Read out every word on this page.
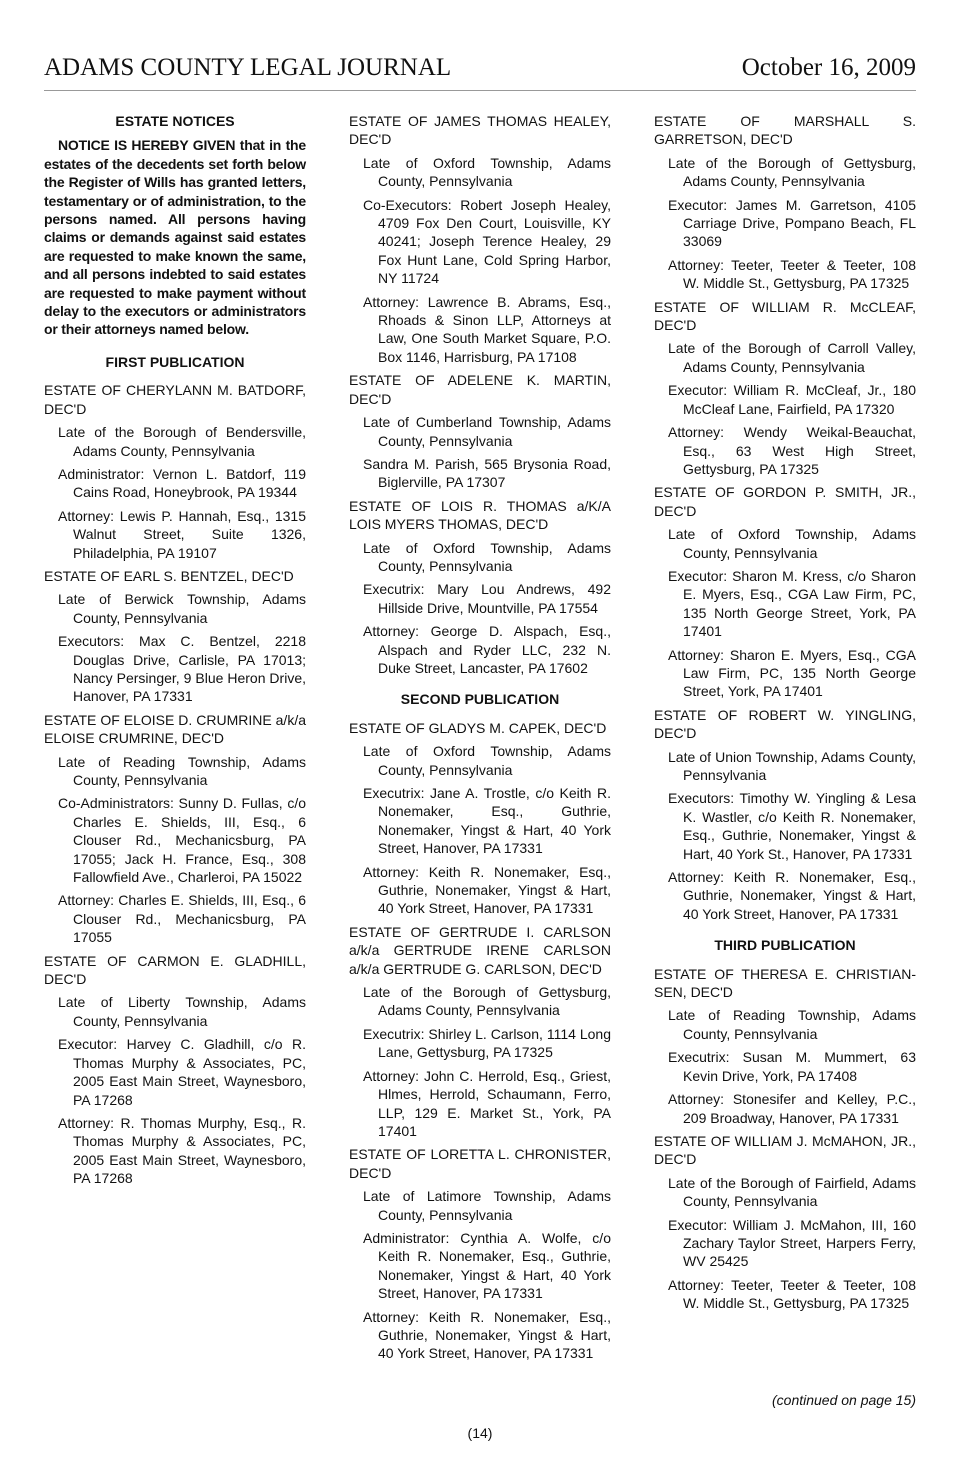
ADAMS COUNTY LEGAL JOURNAL	October 16, 2009
ESTATE NOTICES
NOTICE IS HEREBY GIVEN that in the estates of the decedents set forth below the Register of Wills has granted letters, testamentary or of administration, to the persons named. All persons having claims or demands against said estates are requested to make known the same, and all persons indebted to said estates are requested to make payment without delay to the executors or administrators or their attorneys named below.
FIRST PUBLICATION
ESTATE OF CHERYLANN M. BATDORF, DEC'D
Late of the Borough of Bendersville, Adams County, Pennsylvania
Administrator: Vernon L. Batdorf, 119 Cains Road, Honeybrook, PA 19344
Attorney: Lewis P. Hannah, Esq., 1315 Walnut Street, Suite 1326, Philadelphia, PA 19107
ESTATE OF EARL S. BENTZEL, DEC'D
Late of Berwick Township, Adams County, Pennsylvania
Executors: Max C. Bentzel, 2218 Douglas Drive, Carlisle, PA 17013; Nancy Persinger, 9 Blue Heron Drive, Hanover, PA 17331
ESTATE OF ELOISE D. CRUMRINE a/k/a ELOISE CRUMRINE, DEC'D
Late of Reading Township, Adams County, Pennsylvania
Co-Administrators: Sunny D. Fullas, c/o Charles E. Shields, III, Esq., 6 Clouser Rd., Mechanicsburg, PA 17055; Jack H. France, Esq., 308 Fallowfield Ave., Charleroi, PA 15022
Attorney: Charles E. Shields, III, Esq., 6 Clouser Rd., Mechanicsburg, PA 17055
ESTATE OF CARMON E. GLADHILL, DEC'D
Late of Liberty Township, Adams County, Pennsylvania
Executor: Harvey C. Gladhill, c/o R. Thomas Murphy & Associates, PC, 2005 East Main Street, Waynesboro, PA 17268
Attorney: R. Thomas Murphy, Esq., R. Thomas Murphy & Associates, PC, 2005 East Main Street, Waynesboro, PA 17268
ESTATE OF JAMES THOMAS HEALEY, DEC'D
Late of Oxford Township, Adams County, Pennsylvania
Co-Executors: Robert Joseph Healey, 4709 Fox Den Court, Louisville, KY 40241; Joseph Terence Healey, 29 Fox Hunt Lane, Cold Spring Harbor, NY 11724
Attorney: Lawrence B. Abrams, Esq., Rhoads & Sinon LLP, Attorneys at Law, One South Market Square, P.O. Box 1146, Harrisburg, PA 17108
ESTATE OF ADELENE K. MARTIN, DEC'D
Late of Cumberland Township, Adams County, Pennsylvania
Sandra M. Parish, 565 Brysonia Road, Biglerville, PA 17307
ESTATE OF LOIS R. THOMAS a/K/A LOIS MYERS THOMAS, DEC'D
Late of Oxford Township, Adams County, Pennsylvania
Executrix: Mary Lou Andrews, 492 Hillside Drive, Mountville, PA 17554
Attorney: George D. Alspach, Esq., Alspach and Ryder LLC, 232 N. Duke Street, Lancaster, PA 17602
SECOND PUBLICATION
ESTATE OF GLADYS M. CAPEK, DEC'D
Late of Oxford Township, Adams County, Pennsylvania
Executrix: Jane A. Trostle, c/o Keith R. Nonemaker, Esq., Guthrie, Nonemaker, Yingst & Hart, 40 York Street, Hanover, PA 17331
Attorney: Keith R. Nonemaker, Esq., Guthrie, Nonemaker, Yingst & Hart, 40 York Street, Hanover, PA 17331
ESTATE OF GERTRUDE I. CARLSON a/k/a GERTRUDE IRENE CARLSON a/k/a GERTRUDE G. CARLSON, DEC'D
Late of the Borough of Gettysburg, Adams County, Pennsylvania
Executrix: Shirley L. Carlson, 1114 Long Lane, Gettysburg, PA 17325
Attorney: John C. Herrold, Esq., Griest, Hlmes, Herrold, Schaumann, Ferro, LLP, 129 E. Market St., York, PA 17401
ESTATE OF LORETTA L. CHRONISTER, DEC'D
Late of Latimore Township, Adams County, Pennsylvania
Administrator: Cynthia A. Wolfe, c/o Keith R. Nonemaker, Esq., Guthrie, Nonemaker, Yingst & Hart, 40 York Street, Hanover, PA 17331
Attorney: Keith R. Nonemaker, Esq., Guthrie, Nonemaker, Yingst & Hart, 40 York Street, Hanover, PA 17331
ESTATE OF MARSHALL S. GARRETSON, DEC'D
Late of the Borough of Gettysburg, Adams County, Pennsylvania
Executor: James M. Garretson, 4105 Carriage Drive, Pompano Beach, FL 33069
Attorney: Teeter, Teeter & Teeter, 108 W. Middle St., Gettysburg, PA 17325
ESTATE OF WILLIAM R. McCLEAF, DEC'D
Late of the Borough of Carroll Valley, Adams County, Pennsylvania
Executor: William R. McCleaf, Jr., 180 McCleaf Lane, Fairfield, PA 17320
Attorney: Wendy Weikal-Beauchat, Esq., 63 West High Street, Gettysburg, PA 17325
ESTATE OF GORDON P. SMITH, JR., DEC'D
Late of Oxford Township, Adams County, Pennsylvania
Executor: Sharon M. Kress, c/o Sharon E. Myers, Esq., CGA Law Firm, PC, 135 North George Street, York, PA 17401
Attorney: Sharon E. Myers, Esq., CGA Law Firm, PC, 135 North George Street, York, PA 17401
ESTATE OF ROBERT W. YINGLING, DEC'D
Late of Union Township, Adams County, Pennsylvania
Executors: Timothy W. Yingling & Lesa K. Wastler, c/o Keith R. Nonemaker, Esq., Guthrie, Nonemaker, Yingst & Hart, 40 York St., Hanover, PA 17331
Attorney: Keith R. Nonemaker, Esq., Guthrie, Nonemaker, Yingst & Hart, 40 York Street, Hanover, PA 17331
THIRD PUBLICATION
ESTATE OF THERESA E. CHRISTIAN-SEN, DEC'D
Late of Reading Township, Adams County, Pennsylvania
Executrix: Susan M. Mummert, 63 Kevin Drive, York, PA 17408
Attorney: Stonesifer and Kelley, P.C., 209 Broadway, Hanover, PA 17331
ESTATE OF WILLIAM J. McMAHON, JR., DEC'D
Late of the Borough of Fairfield, Adams County, Pennsylvania
Executor: William J. McMahon, III, 160 Zachary Taylor Street, Harpers Ferry, WV 25425
Attorney: Teeter, Teeter & Teeter, 108 W. Middle St., Gettysburg, PA 17325
(continued on page 15)
(14)
